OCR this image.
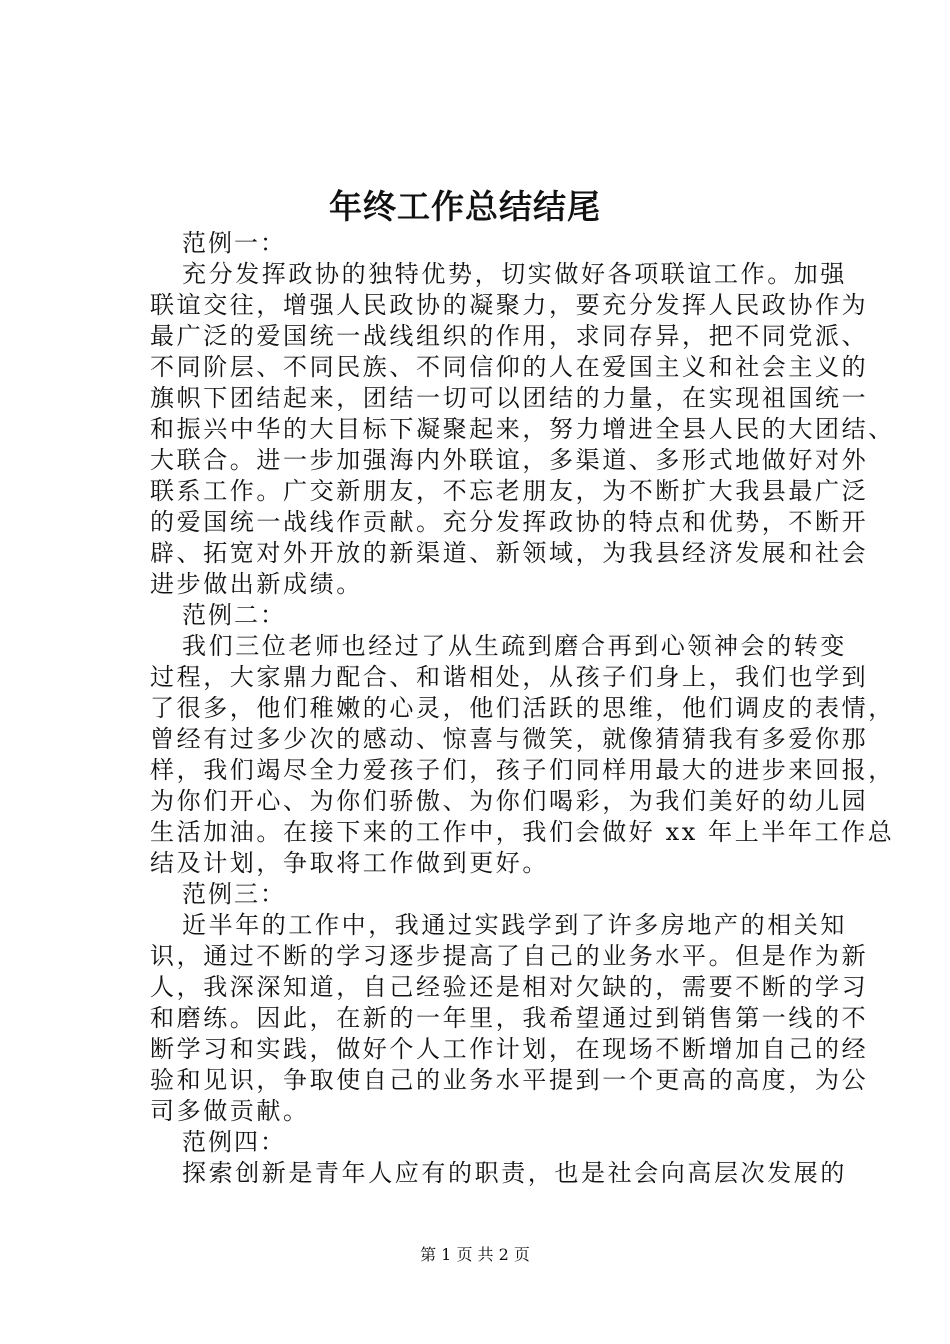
年终工作总结结尾
范例一：
充分发挥政协的独特优势，切实做好各项联谊工作。加强
联谊交往，增强人民政协的凝聚力，要充分发挥人民政协作为
最广泛的爱国统一战线组织的作用，求同存异，把不同党派、
不同阶层、不同民族、不同信仰的人在爱国主义和社会主义的
旗帜下团结起来，团结一切可以团结的力量，在实现祖国统一
和振兴中华的大目标下凝聚起来，努力增进全县人民的大团结、
大联合。进一步加强海内外联谊，多渠道、多形式地做好对外
联系工作。广交新朋友，不忘老朋友，为不断扩大我县最广泛
的爱国统一战线作贡献。充分发挥政协的特点和优势，不断开
辟、拓宽对外开放的新渠道、新领域，为我县经济发展和社会
进步做出新成绩。
范例二：
我们三位老师也经过了从生疏到磨合再到心领神会的转变
过程，大家鼎力配合、和谐相处，从孩子们身上，我们也学到
了很多，他们稚嫩的心灵，他们活跃的思维，他们调皮的表情，
曾经有过多少次的感动、惊喜与微笑，就像猜猜我有多爱你那
样，我们竭尽全力爱孩子们，孩子们同样用最大的进步来回报，
为你们开心、为你们骄傲、为你们喝彩，为我们美好的幼儿园
生活加油。在接下来的工作中，我们会做好 xx 年上半年工作总
结及计划，争取将工作做到更好。
范例三：
近半年的工作中，我通过实践学到了许多房地产的相关知
识，通过不断的学习逐步提高了自己的业务水平。但是作为新
人，我深深知道，自己经验还是相对欠缺的，需要不断的学习
和磨练。因此，在新的一年里，我希望通过到销售第一线的不
断学习和实践，做好个人工作计划，在现场不断增加自己的经
验和见识，争取使自己的业务水平提到一个更高的高度，为公
司多做贡献。
范例四：
探索创新是青年人应有的职责，也是社会向高层次发展的
第 1 页 共 2 页
